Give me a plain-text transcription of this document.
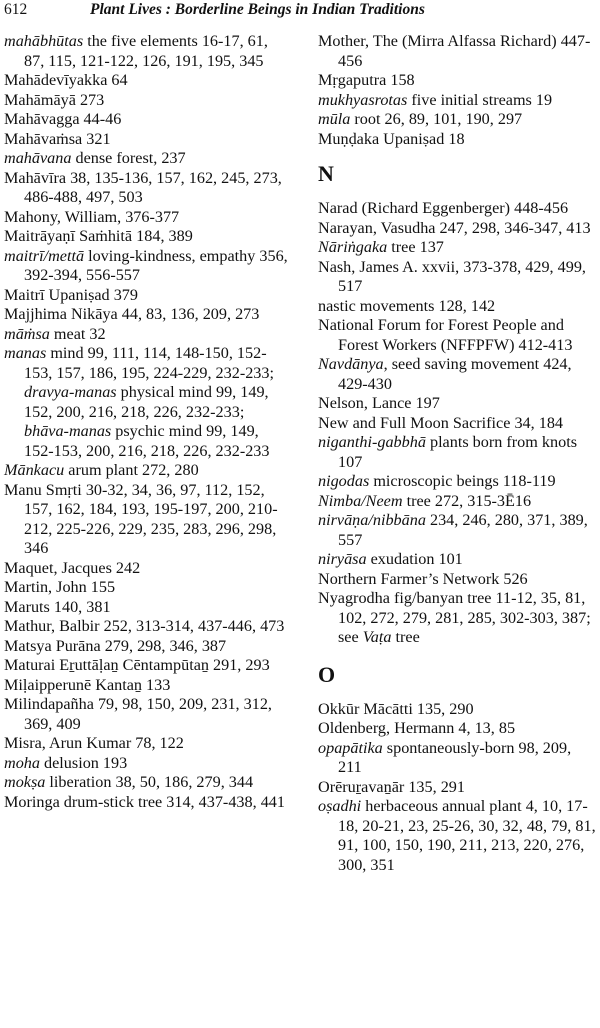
612	Plant Lives : Borderline Beings in Indian Traditions

mahābhūtas the five elements 16-17, 61, 87, 115, 121-122, 126, 191, 195, 345

Mahādevīyakka 64

Mahāmāyā 273

Mahāvagga 44-46

Mahāvaṁsa 321

mahāvana dense forest, 237

Mahāvīra 38, 135-136, 157, 162, 245, 273, 486-488, 497, 503

Mahony, William, 376-377

Maitrāyaṇī Saṁhitā 184, 389

maitrī/mettā loving-kindness, empathy 356, 392-394, 556-557

Maitrī Upaniṣad 379

Majjhima Nikāya 44, 83, 136, 209, 273

māṁsa meat 32

manas mind 99, 111, 114, 148-150, 152-153, 157, 186, 195, 224-229, 232-233; dravya-manas physical mind 99, 149, 152, 200, 216, 218, 226, 232-233; bhāva-manas psychic mind 99, 149, 152-153, 200, 216, 218, 226, 232-233

Mānkacu arum plant 272, 280

Manu Smṛti 30-32, 34, 36, 97, 112, 152, 157, 162, 184, 193, 195-197, 200, 210-212, 225-226, 229, 235, 283, 296, 298, 346

Maquet, Jacques 242

Martin, John 155

Maruts 140, 381

Mathur, Balbir 252, 313-314, 437-446, 473

Matsya Purāna 279, 298, 346, 387

Maturai Eṟuttāḷaṉ Cēntampūtaṉ 291, 293

Miḷaipperunē Kantaṉ 133

Milindapañha 79, 98, 150, 209, 231, 312, 369, 409

Misra, Arun Kumar 78, 122

moha delusion 193

mokṣa liberation 38, 50, 186, 279, 344

Moringa drum-stick tree 314, 437-438, 441

Mother, The (Mirra Alfassa Richard) 447-456

Mṛgaputra 158

mukhyasrotas five initial streams 19

mūla root 26, 89, 101, 190, 297

Muṇḍaka Upaniṣad 18

N

Narad (Richard Eggenberger) 448-456

Narayan, Vasudha 247, 298, 346-347, 413

Nāriṅgaka tree 137

Nash, James A. xxvii, 373-378, 429, 499, 517

nastic movements 128, 142

National Forum for Forest People and Forest Workers (NFFPFW) 412-413

Navdānya, seed saving movement 424, 429-430

Nelson, Lance 197

New and Full Moon Sacrifice 34, 184

niganthi-gabbhā plants born from knots 107

nigodas microscopic beings 118-119

Nimba/Neem tree 272, 315-3Ē16

nirvāṇa/nibbāna 234, 246, 280, 371, 389, 557

niryāsa exudation 101

Northern Farmer’s Network 526

Nyagrodha fig/banyan tree 11-12, 35, 81, 102, 272, 279, 281, 285, 302-303, 387; see Vaṭa tree

O

Okkūr Mācātti 135, 290

Oldenberg, Hermann 4, 13, 85

opapātika spontaneously-born 98, 209, 211

Orēruṟavaṉār 135, 291

oṣadhi herbaceous annual plant 4, 10, 17-18, 20-21, 23, 25-26, 30, 32, 48, 79, 81, 91, 100, 150, 190, 211, 213, 220, 276, 300, 351
